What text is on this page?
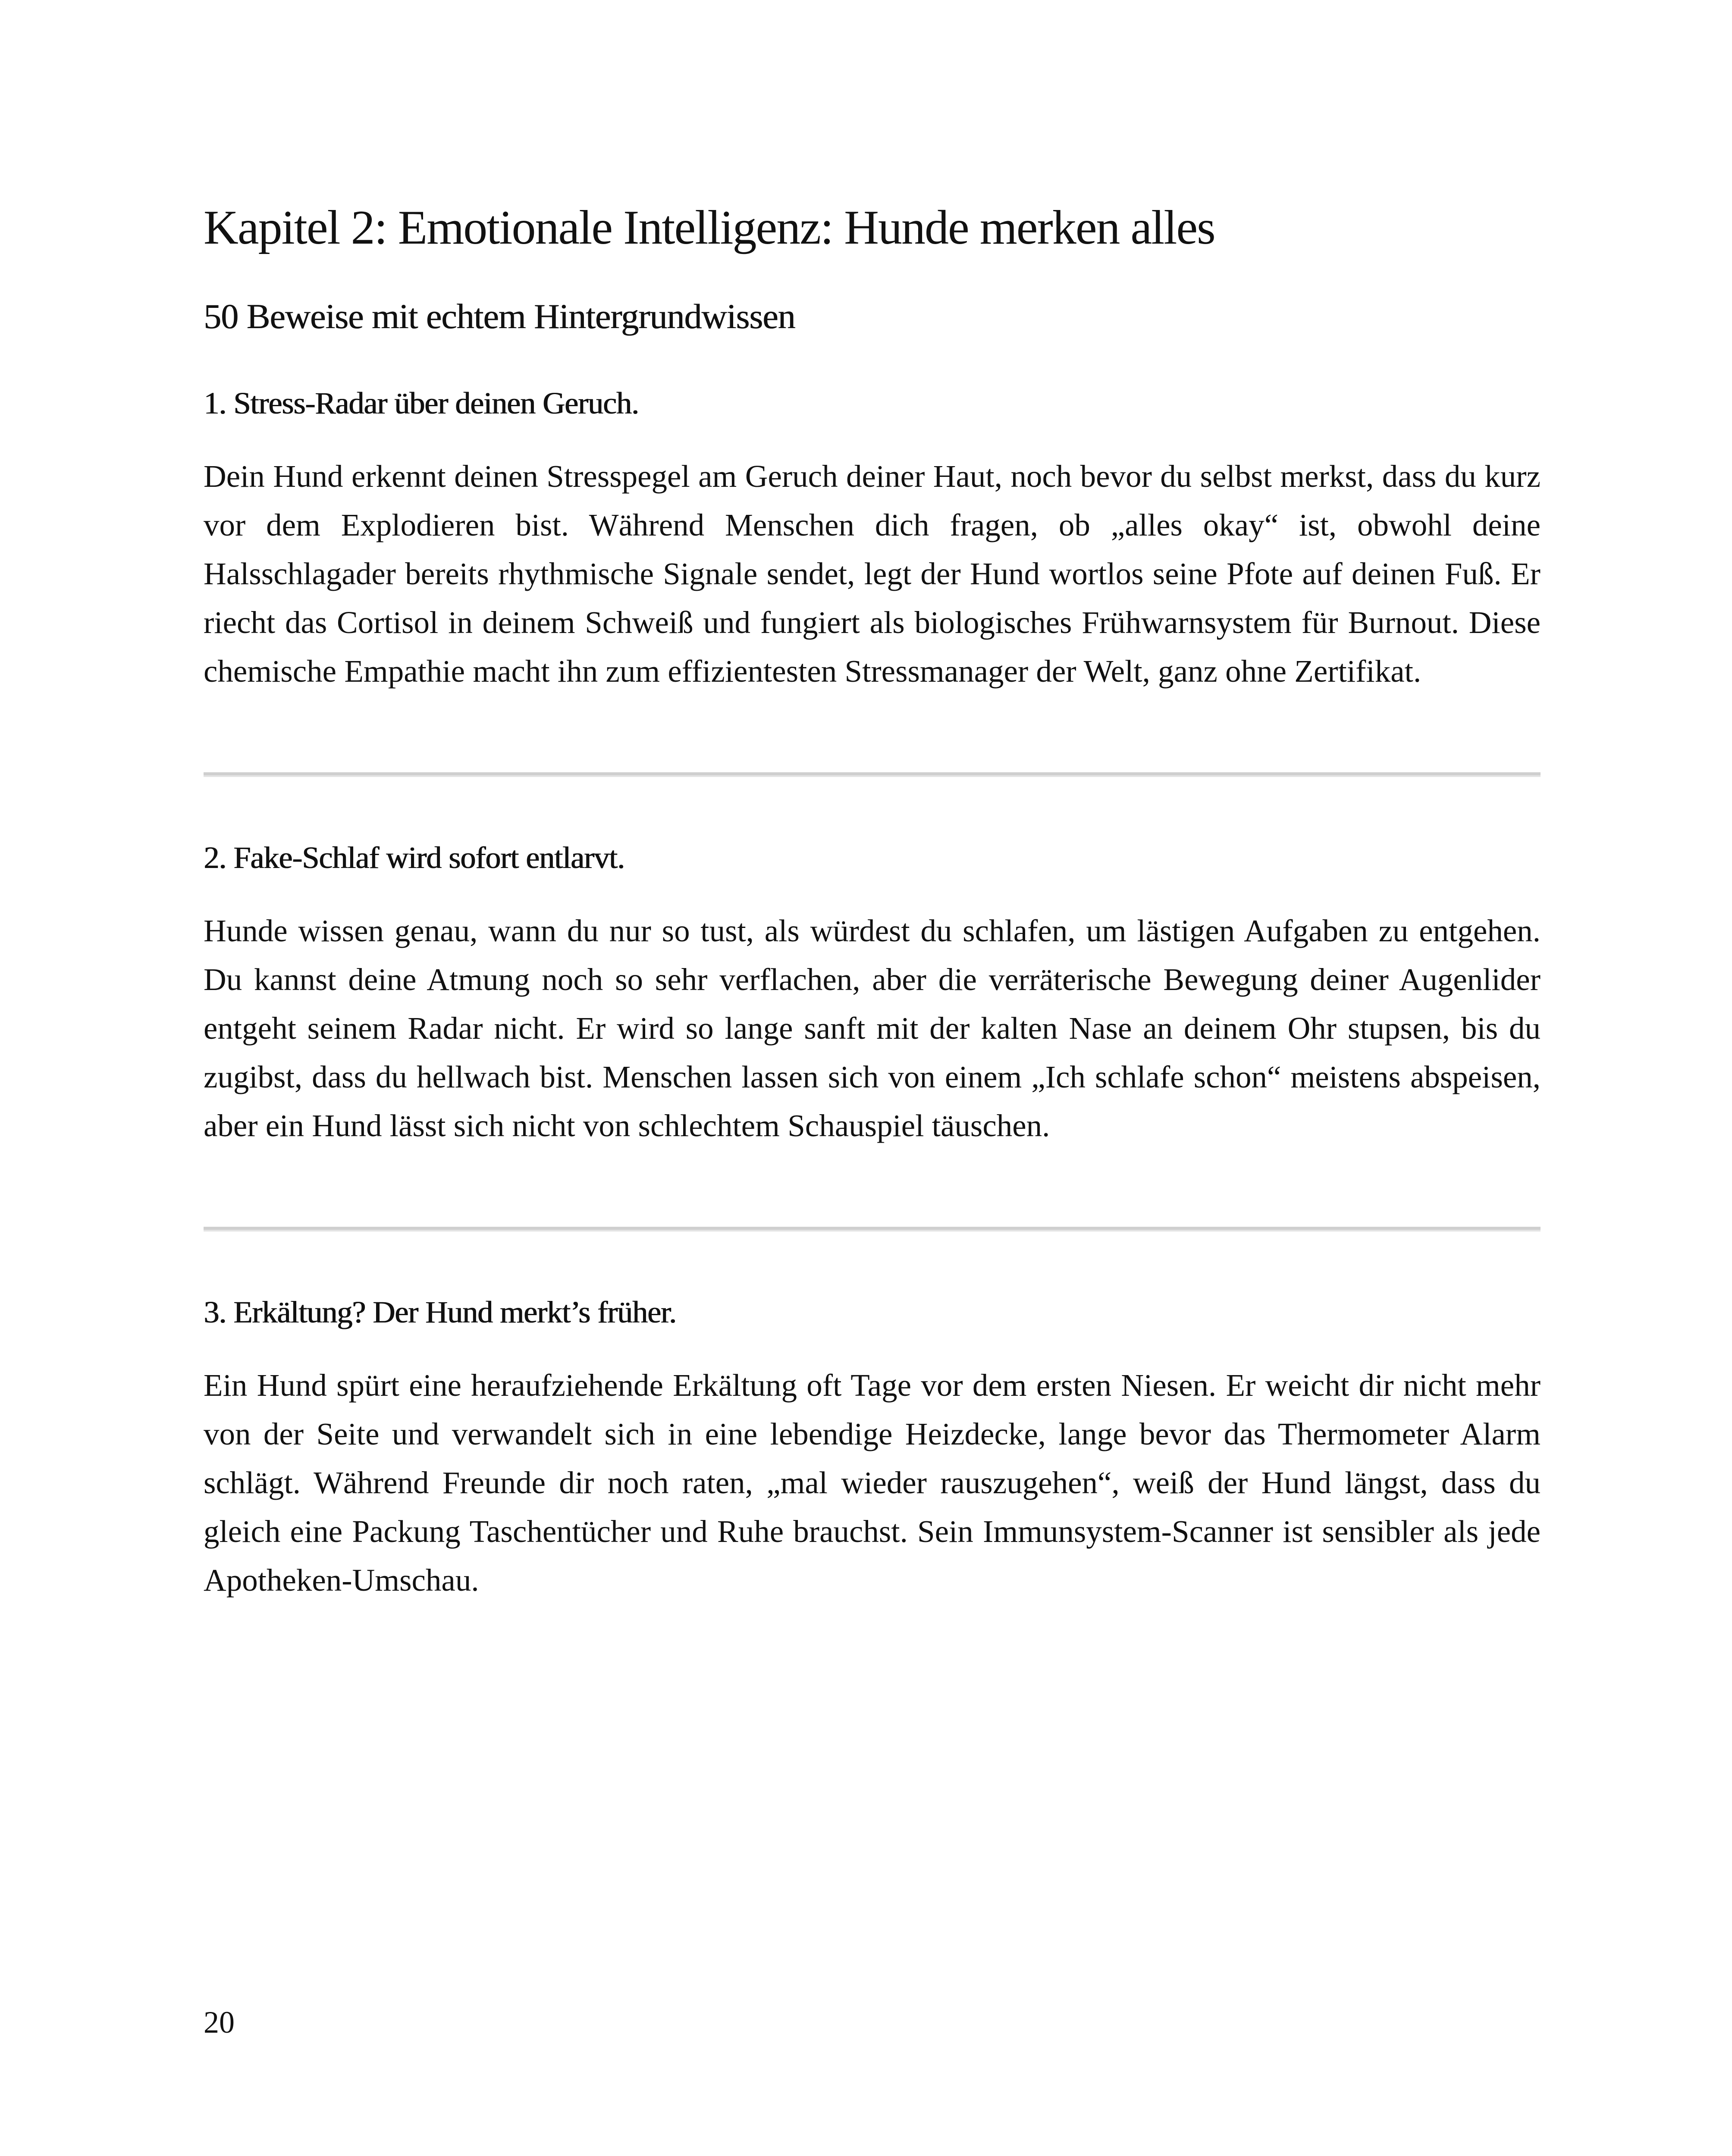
Kapitel 2: Emotionale Intelligenz: Hunde merken alles
50 Beweise mit echtem Hintergrundwissen
1. Stress-Radar über deinen Geruch.

Dein Hund erkennt deinen Stresspegel am Geruch deiner Haut, noch bevor du selbst merkst, dass du kurz vor dem Explodieren bist. Während Menschen dich fragen, ob „alles okay“ ist, obwohl deine Halsschlagader bereits rhythmische Signale sendet, legt der Hund wortlos seine Pfote auf deinen Fuß. Er riecht das Cortisol in deinem Schweiß und fungiert als biologisches Frühwarnsystem für Burnout. Diese chemische Empathie macht ihn zum effizientesten Stressmanager der Welt, ganz ohne Zertifikat.

2. Fake-Schlaf wird sofort entlarvt.

Hunde wissen genau, wann du nur so tust, als würdest du schlafen, um lästigen Aufgaben zu entgehen. Du kannst deine Atmung noch so sehr verflachen, aber die verräterische Bewegung deiner Augenlider entgeht seinem Radar nicht. Er wird so lange sanft mit der kalten Nase an deinem Ohr stupsen, bis du zugibst, dass du hellwach bist. Menschen lassen sich von einem „Ich schlafe schon“ meistens abspeisen, aber ein Hund lässt sich nicht von schlechtem Schauspiel täuschen.

3. Erkältung? Der Hund merkt’s früher.

Ein Hund spürt eine heraufziehende Erkältung oft Tage vor dem ersten Niesen. Er weicht dir nicht mehr von der Seite und verwandelt sich in eine lebendige Heizdecke, lange bevor das Thermometer Alarm schlägt. Während Freunde dir noch raten, „mal wieder rauszugehen“, weiß der Hund längst, dass du gleich eine Packung Taschentücher und Ruhe brauchst. Sein Immunsystem-Scanner ist sensibler als jede Apotheken-Umschau.

20
